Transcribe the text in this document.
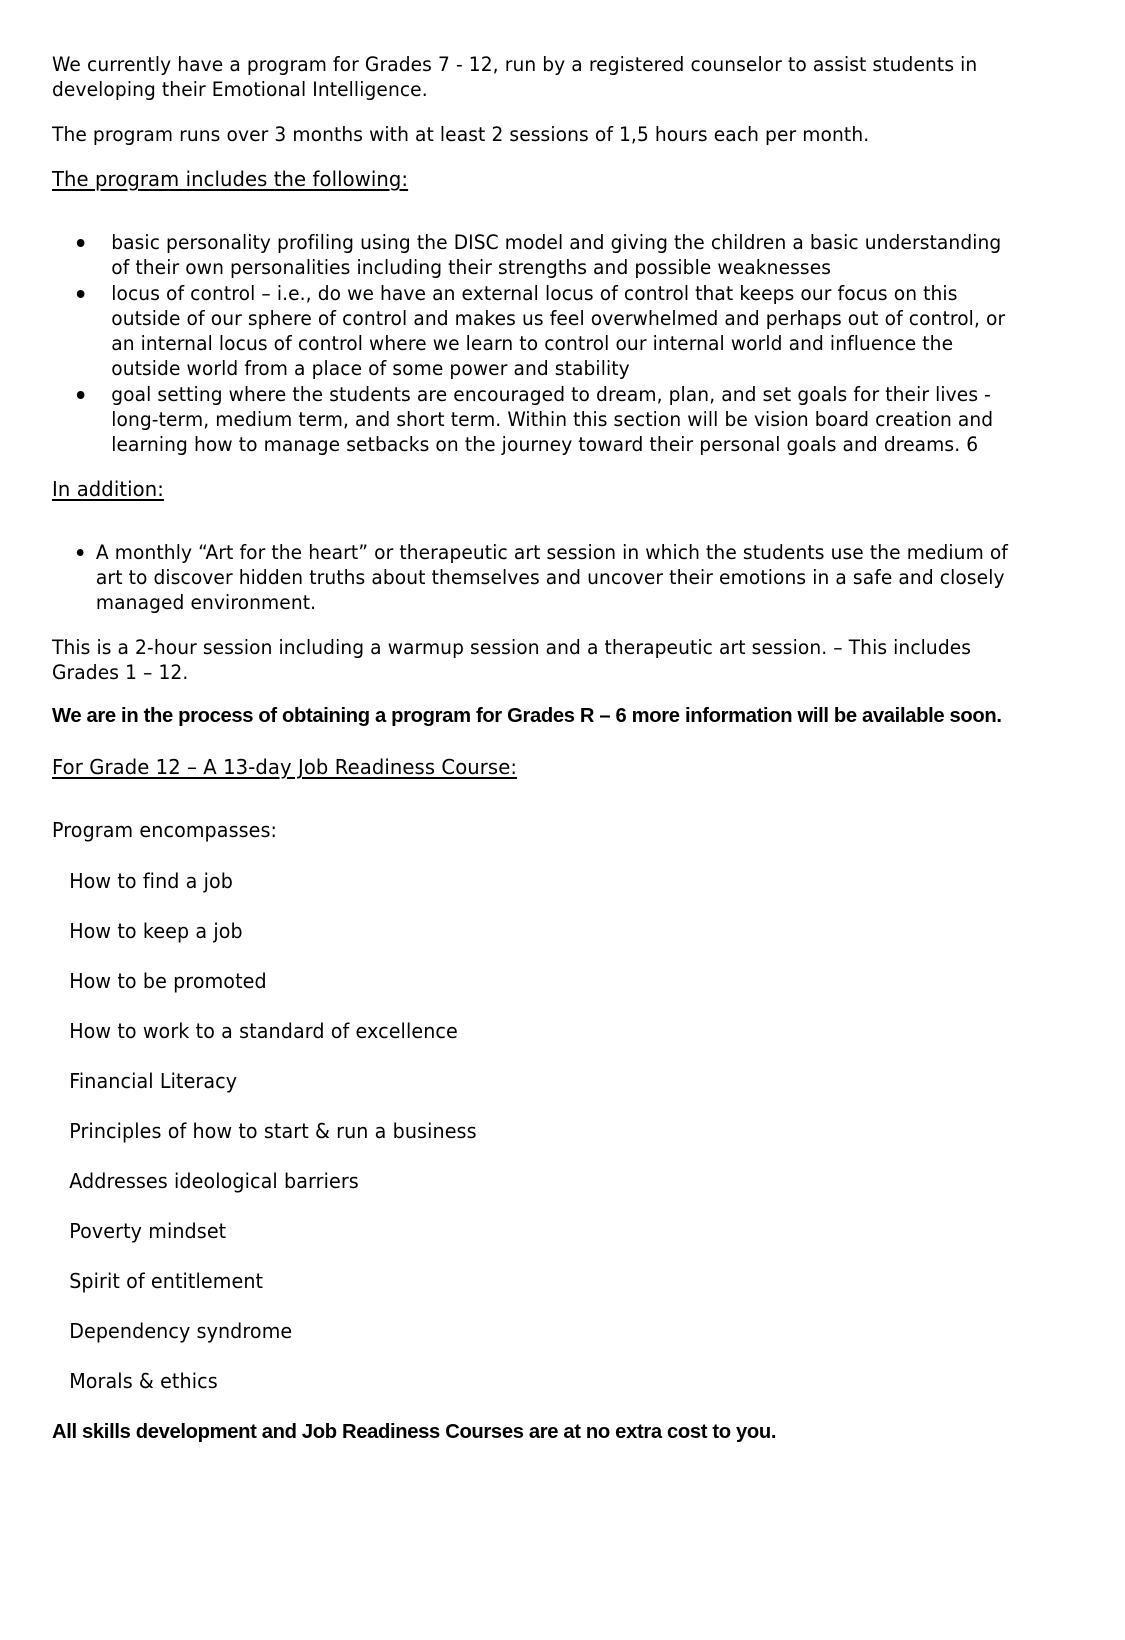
We currently have a program for Grades 7 - 12, run by a registered counselor to assist students in developing their Emotional Intelligence.

The program runs over 3 months with at least 2 sessions of 1,5 hours each per month.

The program includes the following:
basic personality profiling using the DISC model and giving the children a basic understanding of their own personalities including their strengths and possible weaknesses
locus of control – i.e., do we have an external locus of control that keeps our focus on this outside of our sphere of control and makes us feel overwhelmed and perhaps out of control, or an internal locus of control where we learn to control our internal world and influence the outside world from a place of some power and stability
goal setting where the students are encouraged to dream, plan, and set goals for their lives - long-term, medium term, and short term. Within this section will be vision board creation and learning how to manage setbacks on the journey toward their personal goals and dreams. 6
In addition:
A monthly “Art for the heart” or therapeutic art session in which the students use the medium of art to discover hidden truths about themselves and uncover their emotions in a safe and closely managed environment.

This is a 2-hour session including a warmup session and a therapeutic art session. – This includes Grades 1 – 12.

We are in the process of obtaining a program for Grades R – 6 more information will be available soon.

For Grade 12 – A 13-day Job Readiness Course:

Program encompasses:

How to find a job
How to keep a job
How to be promoted
How to work to a standard of excellence
Financial Literacy
Principles of how to start & run a business
Addresses ideological barriers
Poverty mindset
Spirit of entitlement
Dependency syndrome
Morals & ethics

All skills development and Job Readiness Courses are at no extra cost to you.
